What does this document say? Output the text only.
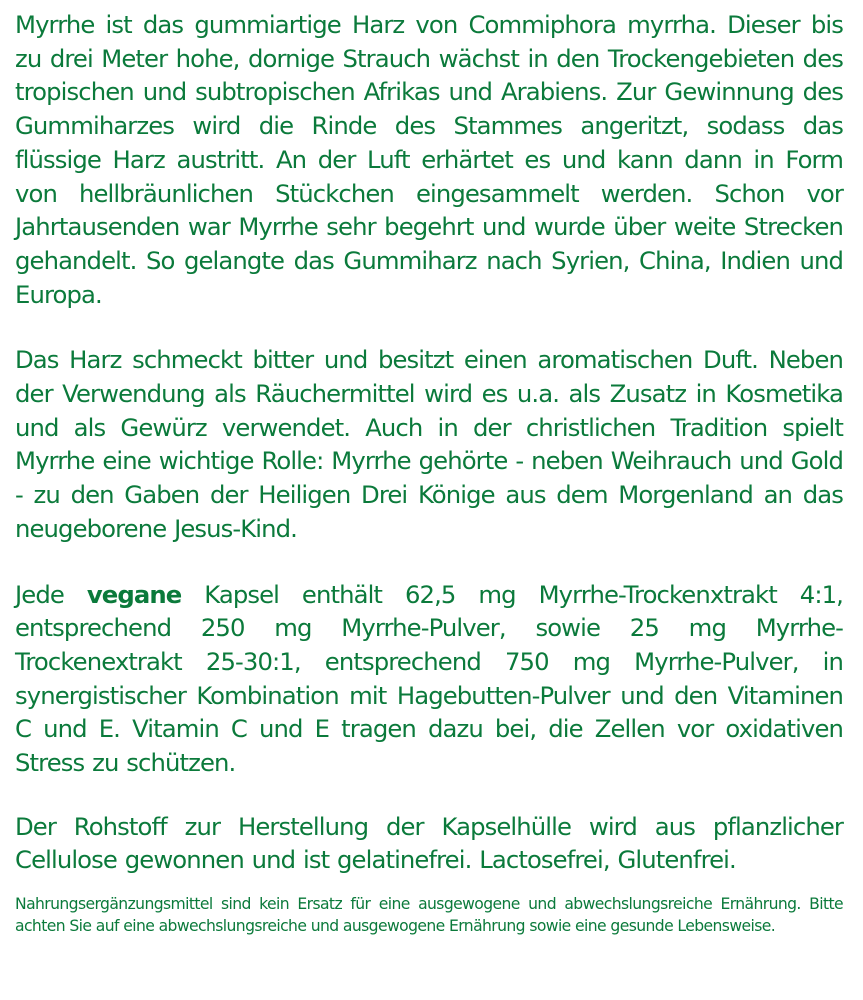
Myrrhe ist das gummiartige Harz von Commiphora myrrha. Dieser bis zu drei Meter hohe, dornige Strauch wächst in den Trockengebieten des tropischen und subtropischen Afrikas und Arabiens. Zur Gewinnung des Gummiharzes wird die Rinde des Stammes angeritzt, sodass das flüssige Harz austritt. An der Luft erhärtet es und kann dann in Form von hellbräunlichen Stückchen eingesammelt werden. Schon vor Jahrtausenden war Myrrhe sehr begehrt und wurde über weite Strecken gehandelt. So gelangte das Gummiharz nach Syrien, China, Indien und Europa.

Das Harz schmeckt bitter und besitzt einen aromatischen Duft. Neben der Verwendung als Räuchermittel wird es u.a. als Zusatz in Kosmetika und als Gewürz verwendet. Auch in der christlichen Tradition spielt Myrrhe eine wichtige Rolle: Myrrhe gehörte - neben Weihrauch und Gold - zu den Gaben der Heiligen Drei Könige aus dem Morgenland an das neugeborene Jesus-Kind.

Jede vegane Kapsel enthält 62,5 mg Myrrhe-Trockenxtrakt 4:1, entsprechend 250 mg Myrrhe-Pulver, sowie 25 mg Myrrhe-Trockenextrakt 25-30:1, entsprechend 750 mg Myrrhe-Pulver, in synergistischer Kombination mit Hagebutten-Pulver und den Vitaminen C und E. Vitamin C und E tragen dazu bei, die Zellen vor oxidativen Stress zu schützen.

Der Rohstoff zur Herstellung der Kapselhülle wird aus pflanzlicher Cellulose gewonnen und ist gelatinefrei. Lactosefrei, Glutenfrei.

Nahrungsergänzungsmittel sind kein Ersatz für eine ausgewogene und abwechslungsreiche Ernährung. Bitte achten Sie auf eine abwechslungsreiche und ausgewogene Ernährung sowie eine gesunde Lebensweise.
